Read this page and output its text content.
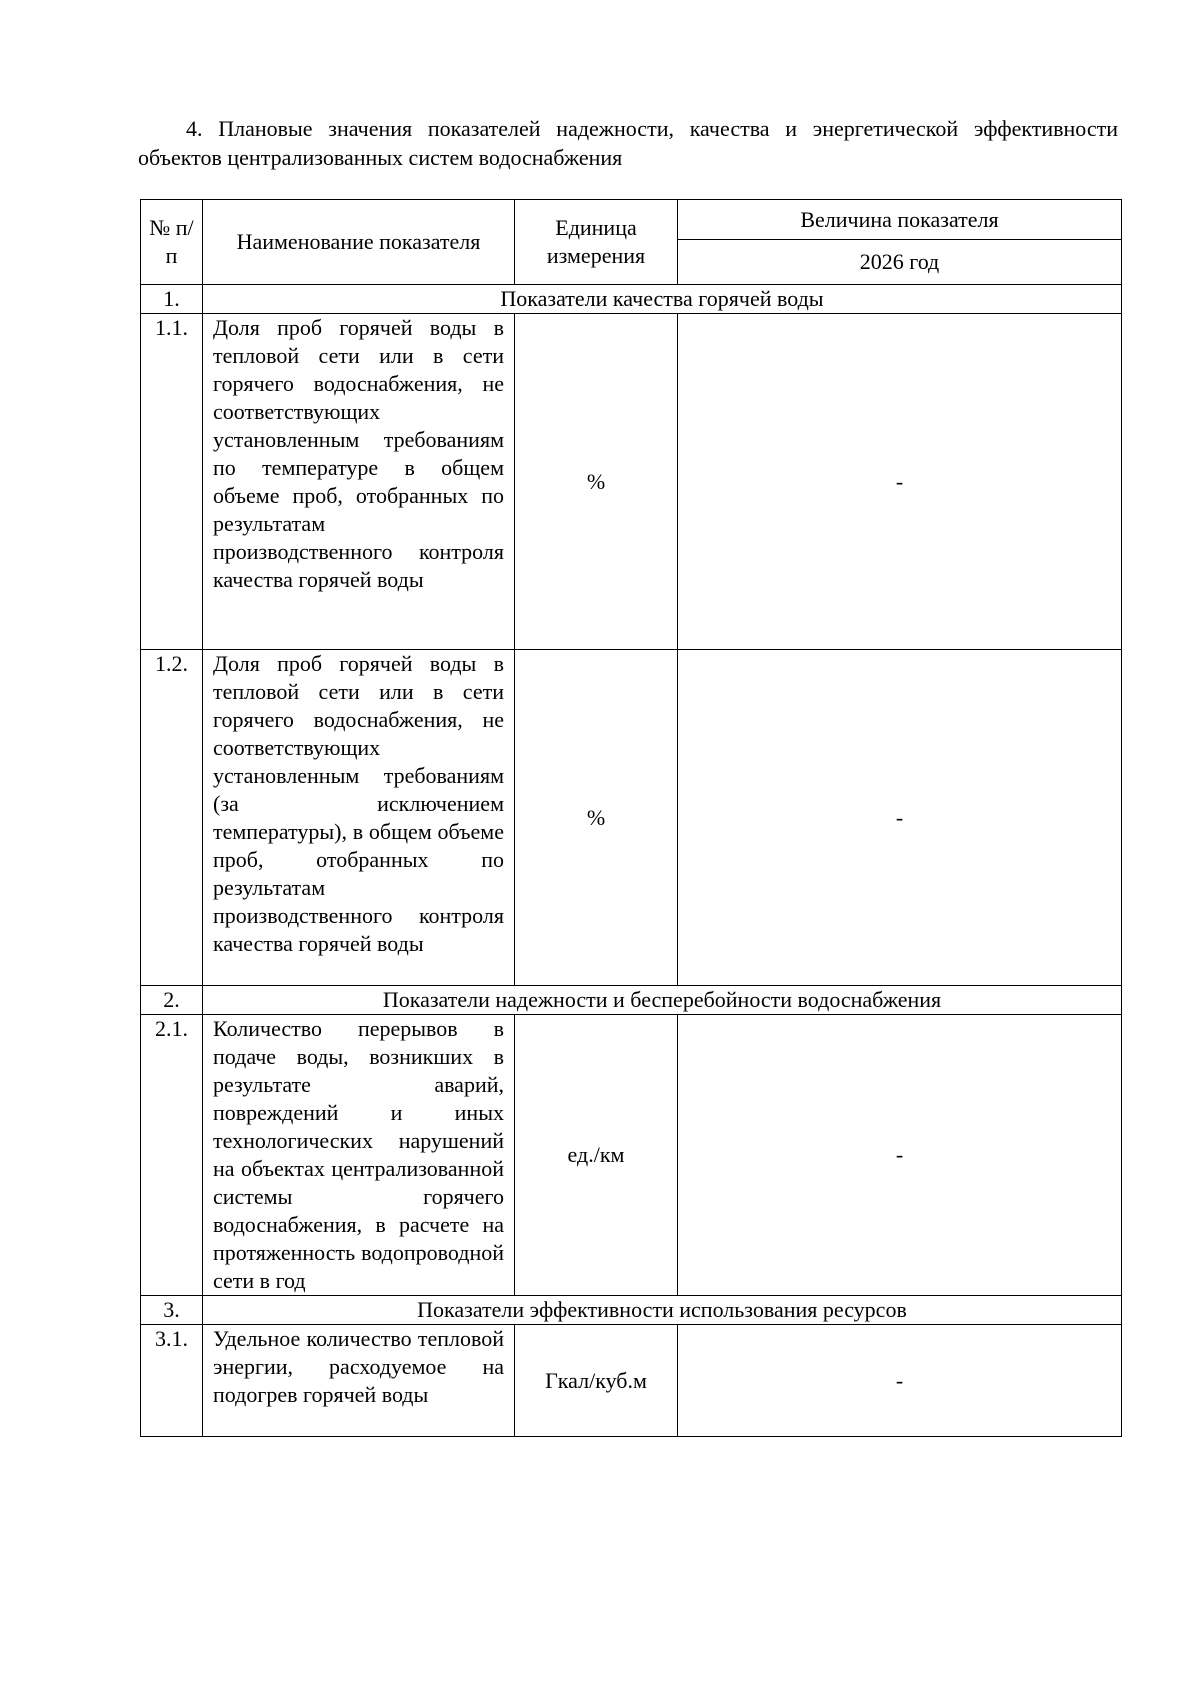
4. Плановые значения показателей надежности, качества и энергетической эффективности объектов централизованных систем водоснабжения
№ п/п	Наименование показателя	Единица измерения	Величина показателя
			2026 год
1.	Показатели качества горячей воды		
1.1.	Доля проб горячей воды в тепловой сети или в сети горячего водоснабжения, не соответствующих установленным требованиям по температуре в общем объеме проб, отобранных по результатам производственного контроля качества горячей воды	%	-
1.2.	Доля проб горячей воды в тепловой сети или в сети горячего водоснабжения, не соответствующих установленным требованиям (за исключением температуры), в общем объеме проб, отобранных по результатам производственного контроля качества горячей воды	%	-
2.	Показатели надежности и бесперебойности водоснабжения		
2.1.	Количество перерывов в подаче воды, возникших в результате аварий, повреждений и иных технологических нарушений на объектах централизованной системы горячего водоснабжения, в расчете на протяженность водопроводной сети в год	ед./км	-
3.	Показатели эффективности использования ресурсов		
3.1.	Удельное количество тепловой энергии, расходуемое на подогрев горячей воды	Гкал/куб.м	-
